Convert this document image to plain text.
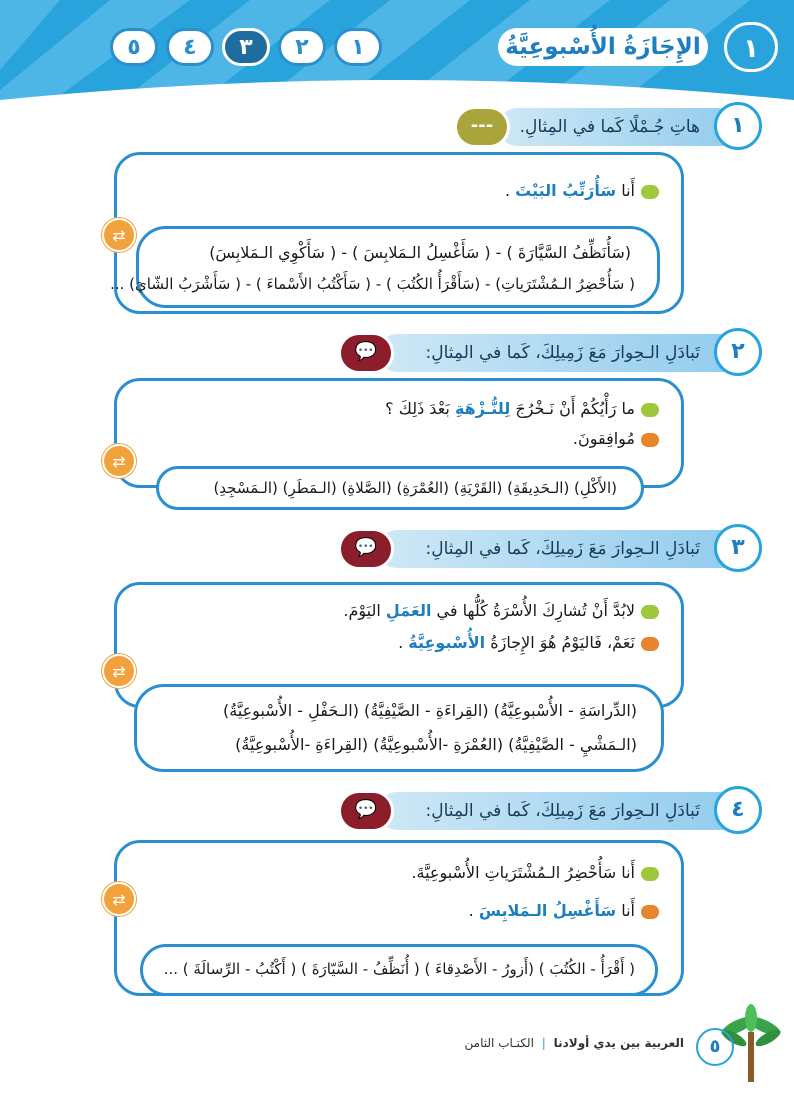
الإِجَازَةُ الأُسْبوعِيَّةُ	١
١
٢
٣
٤
٥
١
هاتِ جُـمْلًا كَما في المِثالِ.
---
أَنا سَأُرَتِّبُ البَيْتَ .
(سَأُنَظِّفُ السَّيَّارَةَ ) - ( سَأَغْسِلُ الـمَلابِسَ ) - ( سَأَكْوِي الـمَلابِسَ)
( سَأُحْضِرُ الـمُشْتَرَياتِ) - (سَأَقْرَأُ الكُتُبَ ) - ( سَأَكْتُبُ الأَسْماءَ ) - ( سَأَشْرَبُ الشّايَ) ...
⇄
٢
تَبادَلِ الـحِوارَ مَعَ زَمِيلِكَ، كَما في المِثالِ:
💬
ما رَأْيُكُمْ أَنْ نَـخْرُجَ لِلنُّـزْهَةِ بَعْدَ ذَلِكَ ؟
مُوافِقونَ.
(الأَكْلِ) (الـحَدِيقَةِ) (القَرْيَةِ) (العُمْرَةِ) (الصَّلاةِ) (الـمَطَرِ) (الـمَسْجِدِ)
⇄
٣
تَبادَلِ الـحِوارَ مَعَ زَمِيلِكَ، كَما في المِثالِ:
💬
لابُدَّ أَنْ تُشارِكَ الأُسْرَةُ كُلُّها في العَمَلِ اليَوْمَ.
نَعَمْ، فَاليَوْمُ هُوَ الإِجازَةُ الأُسْبوعِيَّةُ .
(الدِّراسَةِ - الأُسْبوعِيَّةُ) (القِراءَةِ - الصَّيْفِيَّةُ) (الـحَفْلِ - الأُسْبوعِيَّةُ)
(الـمَشْيِ - الصَّيْفِيَّةُ) (العُمْرَةِ -الأُسْبوعِيَّةُ) (القِراءَةِ -الأُسْبوعِيَّةُ)
⇄
٤
تَبادَلِ الـحِوارَ مَعَ زَمِيلِكَ، كَما في المِثالِ:
💬
أَنا سَأُحْضِرُ الـمُشْتَرَياتِ الأُسْبوعِيَّةَ.
أَنا سَأَغْسِلُ الـمَلابِسَ .
( أَقْرَأُ - الكُتُبَ ) (أَزورُ - الأَصْدِقاءَ ) ( أُنَظِّفُ - السَّيّارَةَ ) ( أَكْتُبُ - الرِّسالَةَ ) ...
⇄
٥
العربية بين يدي أولادنا | الكتـاب الثامن
